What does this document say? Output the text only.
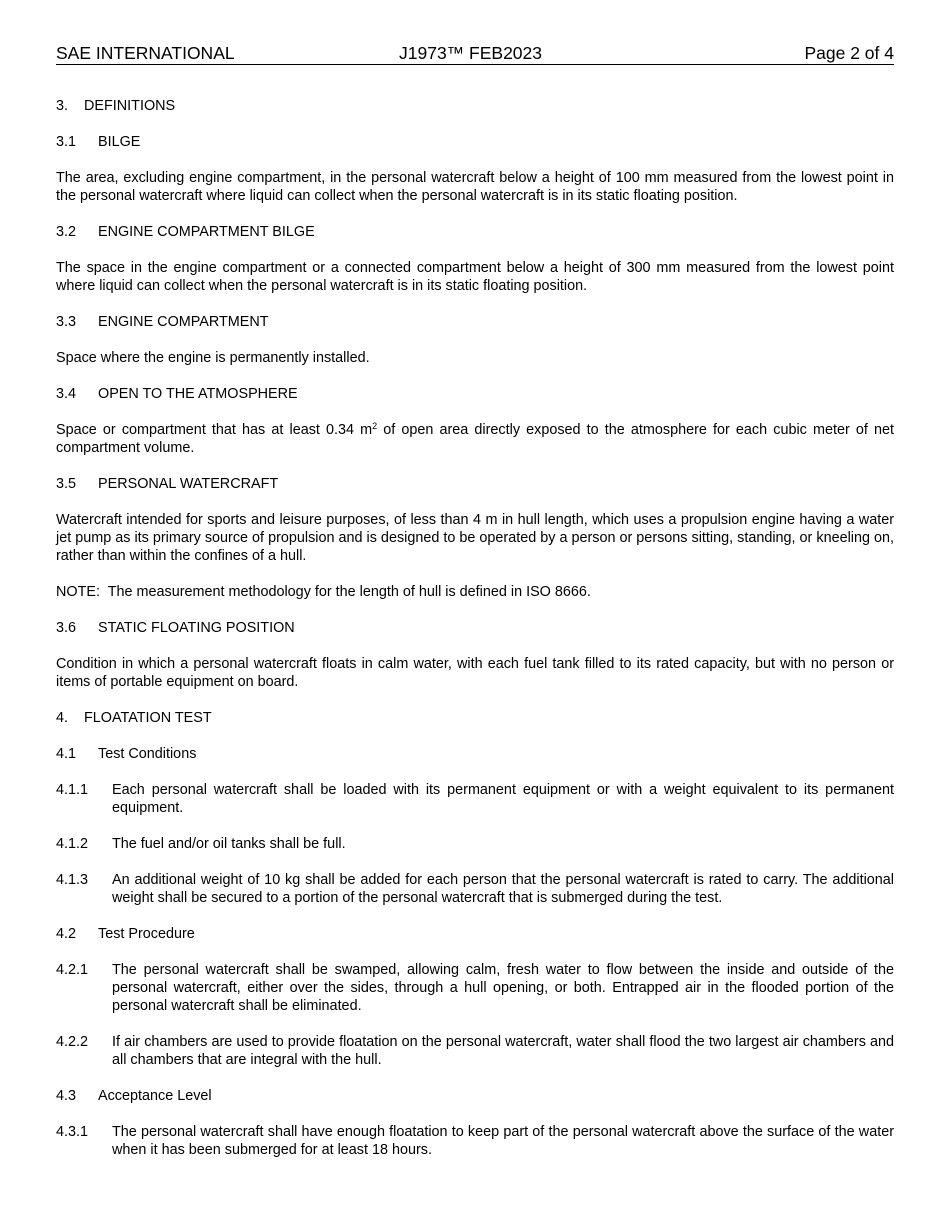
SAE INTERNATIONAL	J1973™ FEB2023	Page 2 of 4
3. DEFINITIONS
3.1 BILGE

The area, excluding engine compartment, in the personal watercraft below a height of 100 mm measured from the lowest point in the personal watercraft where liquid can collect when the personal watercraft is in its static floating position.

3.2 ENGINE COMPARTMENT BILGE

The space in the engine compartment or a connected compartment below a height of 300 mm measured from the lowest point where liquid can collect when the personal watercraft is in its static floating position.

3.3 ENGINE COMPARTMENT

Space where the engine is permanently installed.

3.4 OPEN TO THE ATMOSPHERE

Space or compartment that has at least 0.34 $m^2$ of open area directly exposed to the atmosphere for each cubic meter of net compartment volume.

3.5 PERSONAL WATERCRAFT

Watercraft intended for sports and leisure purposes, of less than 4 m in hull length, which uses a propulsion engine having a water jet pump as its primary source of propulsion and is designed to be operated by a person or persons sitting, standing, or kneeling on, rather than within the confines of a hull.

NOTE:  The measurement methodology for the length of hull is defined in ISO 8666.

3.6 STATIC FLOATING POSITION

Condition in which a personal watercraft floats in calm water, with each fuel tank filled to its rated capacity, but with no person or items of portable equipment on board.

4. FLOATATION TEST
4.1 Test Conditions
4.1.1	Each personal watercraft shall be loaded with its permanent equipment or with a weight equivalent to its permanent equipment.
4.1.2	The fuel and/or oil tanks shall be full.
4.1.3	An additional weight of 10 kg shall be added for each person that the personal watercraft is rated to carry. The additional weight shall be secured to a portion of the personal watercraft that is submerged during the test.
4.2 Test Procedure
4.2.1	The personal watercraft shall be swamped, allowing calm, fresh water to flow between the inside and outside of the personal watercraft, either over the sides, through a hull opening, or both. Entrapped air in the flooded portion of the personal watercraft shall be eliminated.
4.2.2	If air chambers are used to provide floatation on the personal watercraft, water shall flood the two largest air chambers and all chambers that are integral with the hull.
4.3 Acceptance Level
4.3.1	The personal watercraft shall have enough floatation to keep part of the personal watercraft above the surface of the water when it has been submerged for at least 18 hours.
